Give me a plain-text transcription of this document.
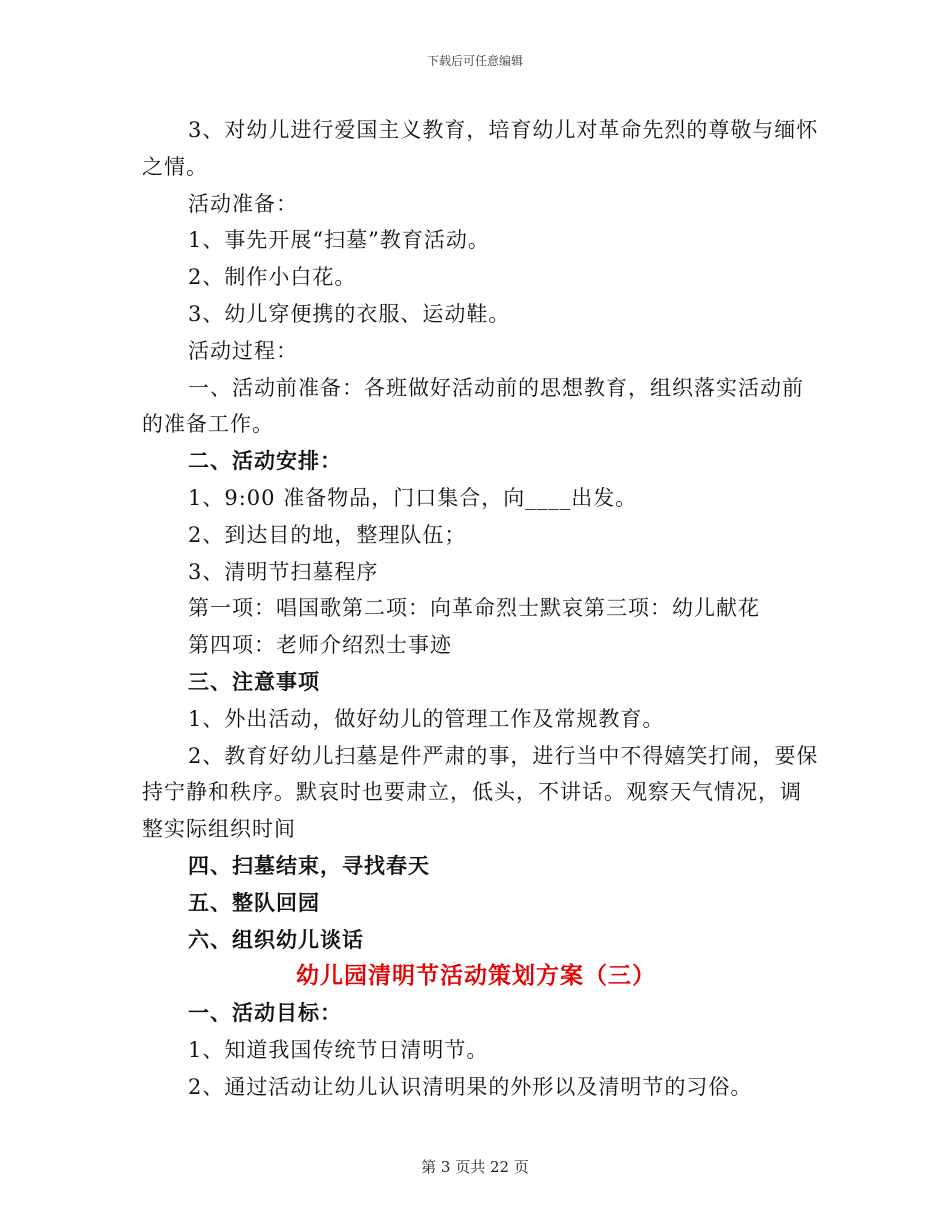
下载后可任意编辑
3、对幼儿进行爱国主义教育，培育幼儿对革命先烈的尊敬与缅怀
之情。
活动准备：
1、事先开展“扫墓”教育活动。
2、制作小白花。
3、幼儿穿便携的衣服、运动鞋。
活动过程：
一、活动前准备：各班做好活动前的思想教育，组织落实活动前
的准备工作。
二、活动安排：
1、9:00 准备物品，门口集合，向____出发。
2、到达目的地，整理队伍；
3、清明节扫墓程序
第一项：唱国歌第二项：向革命烈士默哀第三项：幼儿献花
第四项：老师介绍烈士事迹
三、注意事项
1、外出活动，做好幼儿的管理工作及常规教育。
2、教育好幼儿扫墓是件严肃的事，进行当中不得嬉笑打闹，要保
持宁静和秩序。默哀时也要肃立，低头，不讲话。观察天气情况，调
整实际组织时间
四、扫墓结束，寻找春天
五、整队回园
六、组织幼儿谈话
幼儿园清明节活动策划方案（三）
一、活动目标：
1、知道我国传统节日清明节。
2、通过活动让幼儿认识清明果的外形以及清明节的习俗。
第 3 页共 22 页
